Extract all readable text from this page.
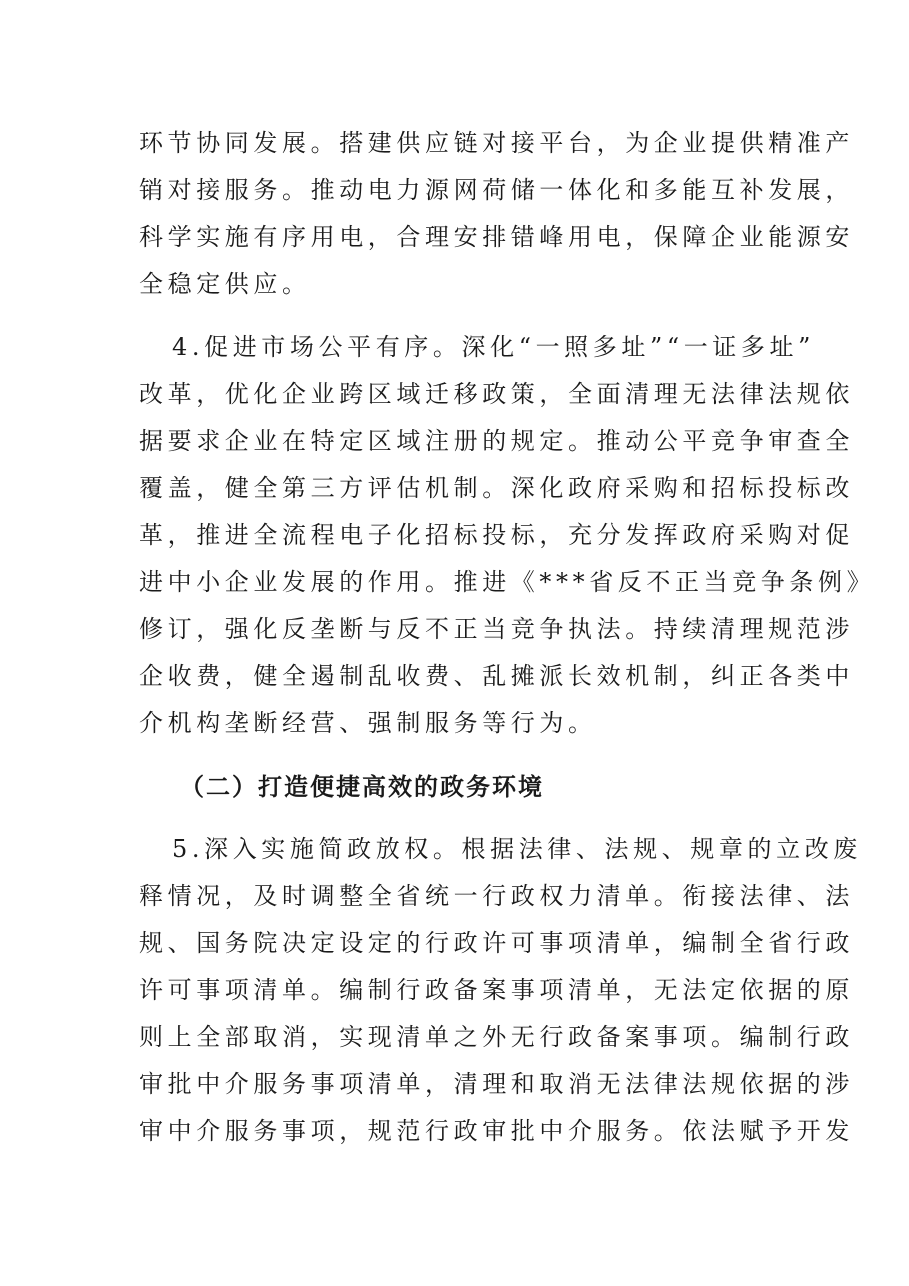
环节协同发展。搭建供应链对接平台，为企业提供精准产
销对接服务。推动电力源网荷储一体化和多能互补发展，
科学实施有序用电，合理安排错峰用电，保障企业能源安
全稳定供应。
4.促进市场公平有序。深化“一照多址”“一证多址”
改革，优化企业跨区域迁移政策，全面清理无法律法规依
据要求企业在特定区域注册的规定。推动公平竞争审查全
覆盖，健全第三方评估机制。深化政府采购和招标投标改
革，推进全流程电子化招标投标，充分发挥政府采购对促
进中小企业发展的作用。推进《***省反不正当竞争条例》
修订，强化反垄断与反不正当竞争执法。持续清理规范涉
企收费，健全遏制乱收费、乱摊派长效机制，纠正各类中
介机构垄断经营、强制服务等行为。
（二）打造便捷高效的政务环境
5.深入实施简政放权。根据法律、法规、规章的立改废
释情况，及时调整全省统一行政权力清单。衔接法律、法
规、国务院决定设定的行政许可事项清单，编制全省行政
许可事项清单。编制行政备案事项清单，无法定依据的原
则上全部取消，实现清单之外无行政备案事项。编制行政
审批中介服务事项清单，清理和取消无法律法规依据的涉
审中介服务事项，规范行政审批中介服务。依法赋予开发
